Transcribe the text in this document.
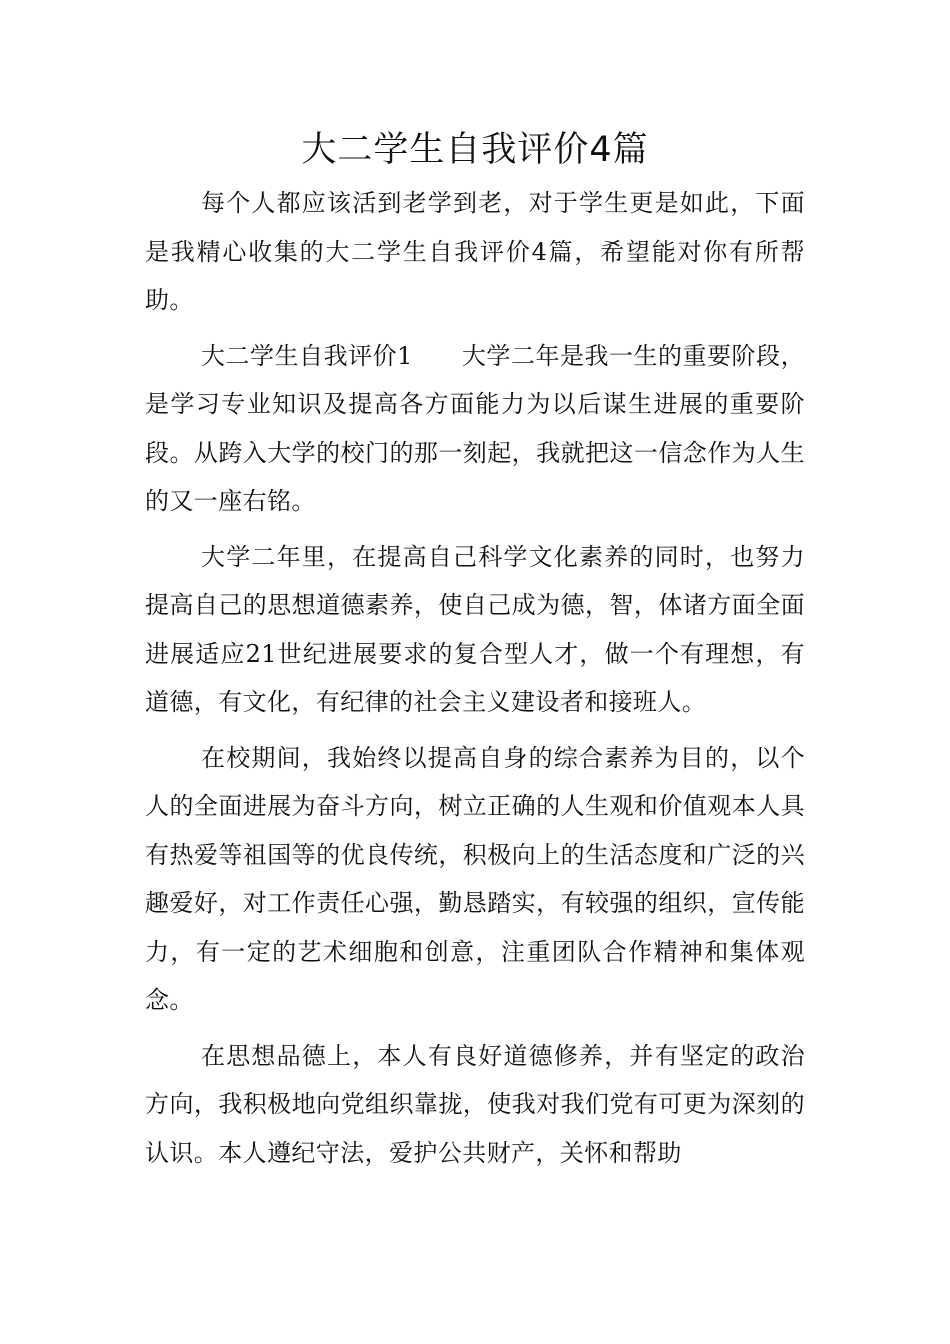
大二学生自我评价4篇

每个人都应该活到老学到老，对于学生更是如此，下面是我精心收集的大二学生自我评价4篇，希望能对你有所帮助。

大二学生自我评价1　　大学二年是我一生的重要阶段，是学习专业知识及提高各方面能力为以后谋生进展的重要阶段。从跨入大学的校门的那一刻起，我就把这一信念作为人生的又一座右铭。

大学二年里，在提高自己科学文化素养的同时，也努力提高自己的思想道德素养，使自己成为德，智，体诸方面全面进展适应21世纪进展要求的复合型人才，做一个有理想，有道德，有文化，有纪律的社会主义建设者和接班人。

在校期间，我始终以提高自身的综合素养为目的，以个人的全面进展为奋斗方向，树立正确的人生观和价值观本人具有热爱等祖国等的优良传统，积极向上的生活态度和广泛的兴趣爱好，对工作责任心强，勤恳踏实，有较强的组织，宣传能力，有一定的艺术细胞和创意，注重团队合作精神和集体观念。

在思想品德上，本人有良好道德修养，并有坚定的政治方向，我积极地向党组织靠拢，使我对我们党有可更为深刻的认识。本人遵纪守法，爱护公共财产，关怀和帮助
